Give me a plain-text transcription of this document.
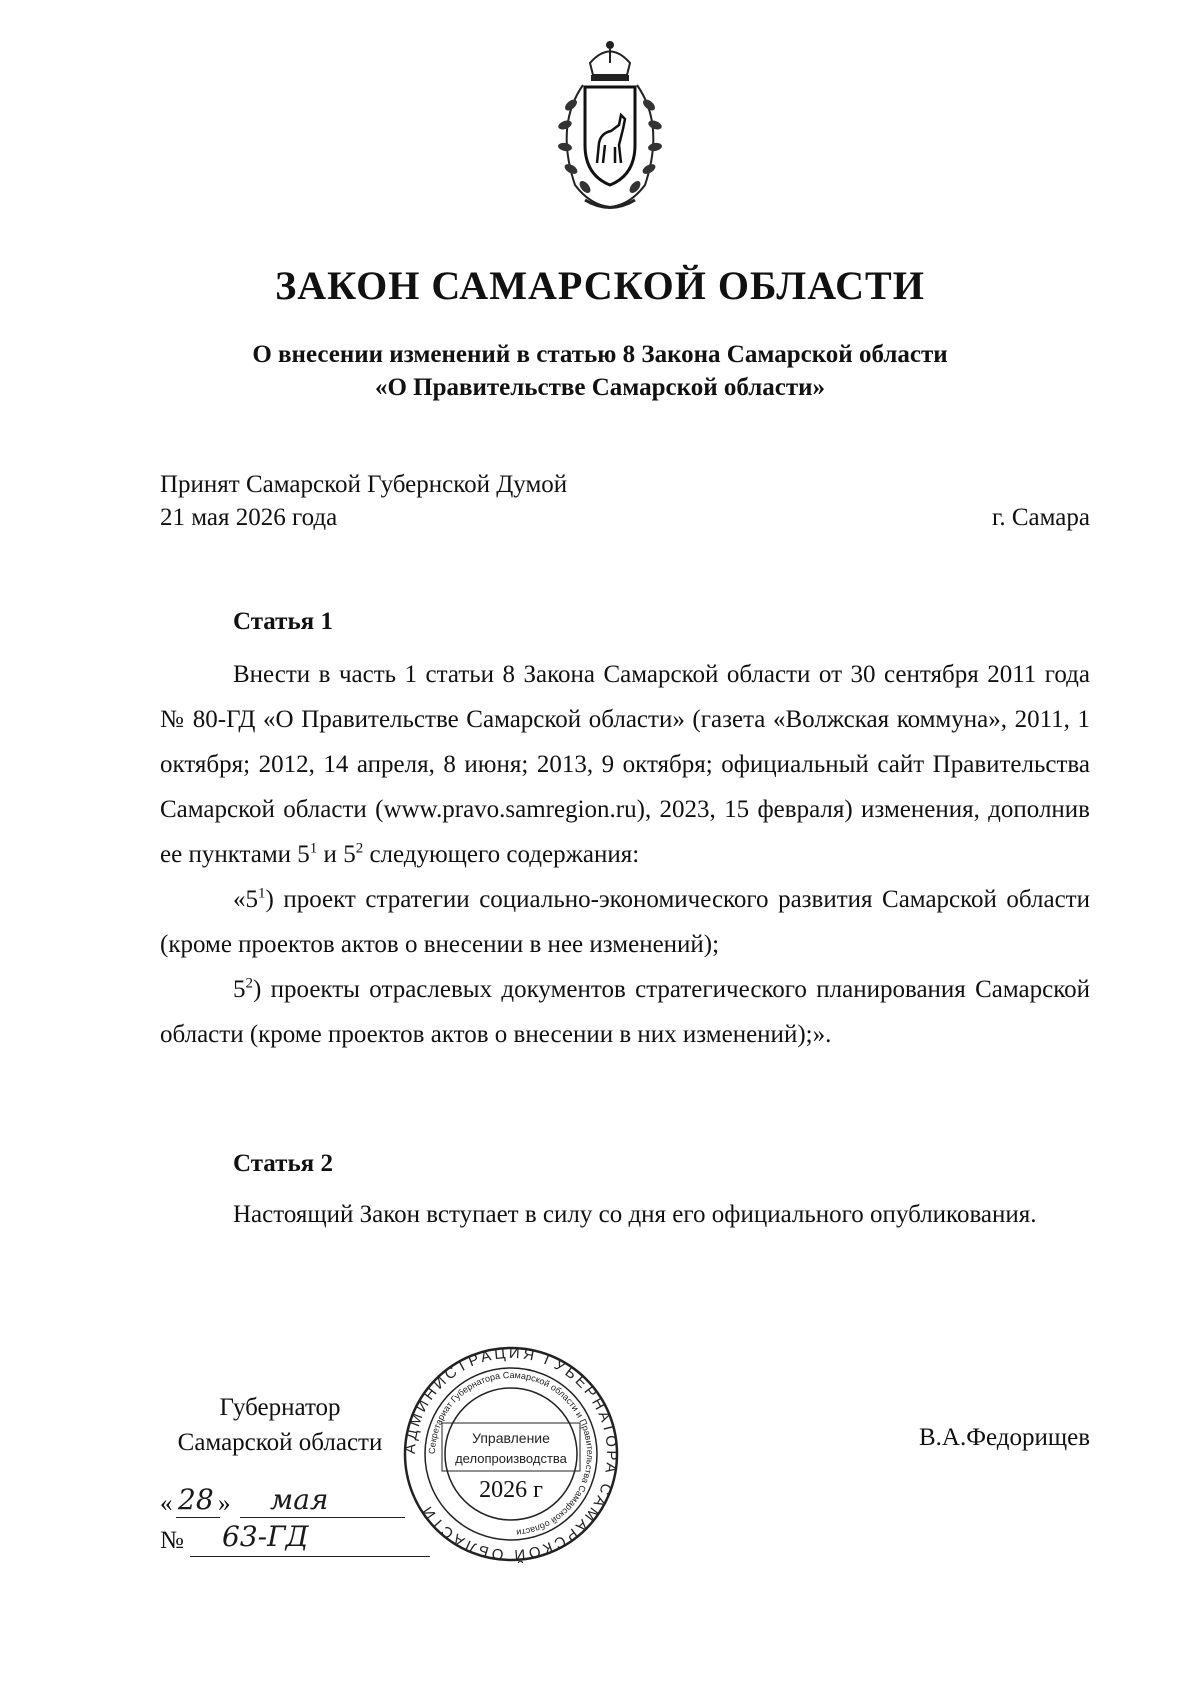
ЗАКОН САМАРСКОЙ ОБЛАСТИ
О внесении изменений в статью 8 Закона Самарской области
«О Правительстве Самарской области»
Принят Самарской Губернской Думой
21 мая 2026 года	г. Самара
Статья 1

Внести в часть 1 статьи 8 Закона Самарской области от 30 сентября 2011 года № 80-ГД «О Правительстве Самарской области» (газета «Волжская коммуна», 2011, 1 октября; 2012, 14 апреля, 8 июня; 2013, 9 октября; официальный сайт Правительства Самарской области (www.pravo.samregion.ru), 2023, 15 февраля) изменения, дополнив ее пунктами $5^1$ и $5^2$ следующего содержания:

«$5^1$) проект стратегии социально-экономического развития Самарской области (кроме проектов актов о внесении в нее изменений);

$5^2$) проекты отраслевых документов стратегического планирования Самарской области (кроме проектов актов о внесении в них изменений);».

Статья 2

Настоящий Закон вступает в силу со дня его официального опубликования.

Губернатор
Самарской области	В.А.Федорищев
« 28 » мая
№ 63-ГД
АДМИНИСТРАЦИЯ ГУБЕРНАТОРА САМАРСКОЙ ОБЛАСТИ
Секретариат Губернатора Самарской области и Правительства Самарской области
Управление
делопроизводства
2026 г
